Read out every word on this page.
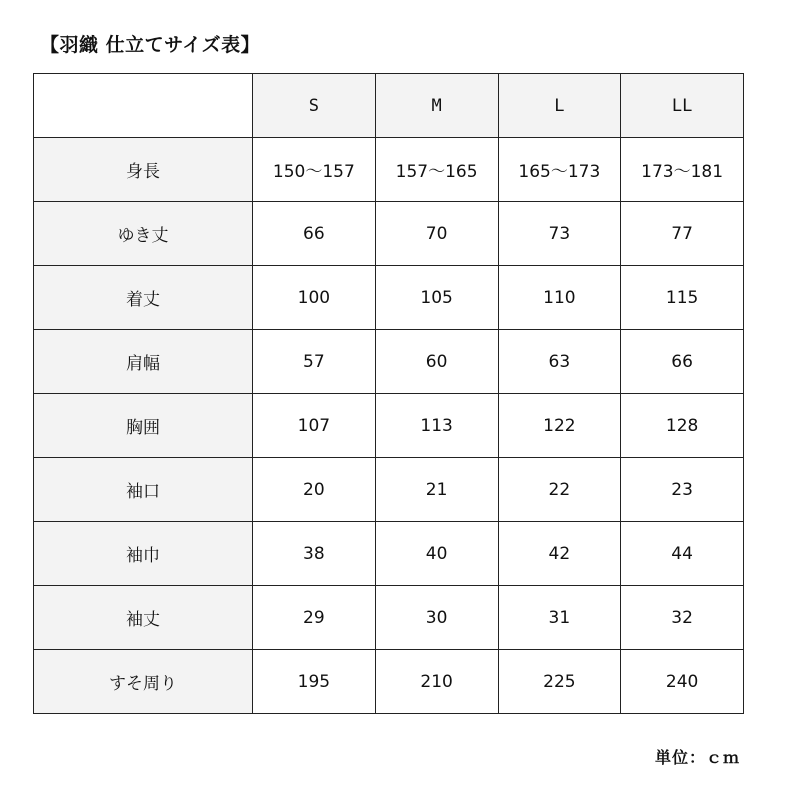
【羽織 仕立てサイズ表】
	S	M	L	LL
身長	150〜157	157〜165	165〜173	173〜181
ゆき丈	66	70	73	77
着丈	100	105	110	115
肩幅	57	60	63	66
胸囲	107	113	122	128
袖口	20	21	22	23
袖巾	38	40	42	44
袖丈	29	30	31	32
すそ周り	195	210	225	240
単位：ｃｍ
